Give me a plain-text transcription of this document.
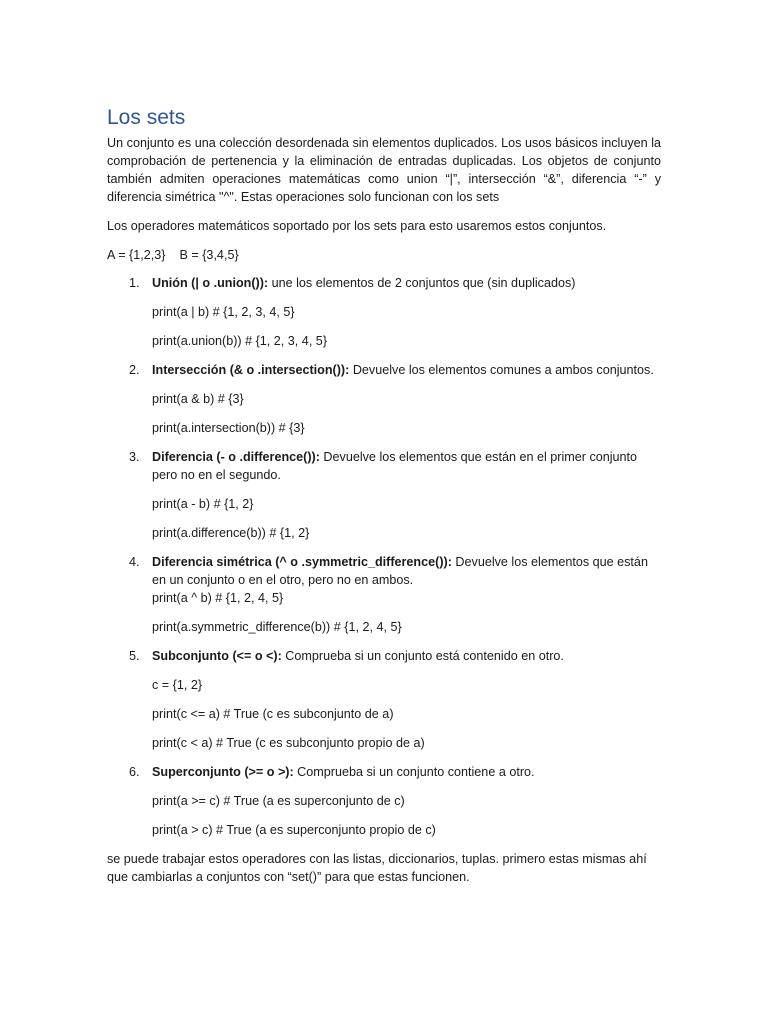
Los sets

Un conjunto es una colección desordenada sin elementos duplicados. Los usos básicos incluyen la comprobación de pertenencia y la eliminación de entradas duplicadas. Los objetos de conjunto también admiten operaciones matemáticas como union “|”, intersección “&”, diferencia “-” y diferencia simétrica "^". Estas operaciones solo funcionan con los sets

Los operadores matemáticos soportado por los sets para esto usaremos estos conjuntos.

A = {1,2,3}    B = {3,4,5}

1. Unión (| o .union()): une los elementos de 2 conjuntos que (sin duplicados)

print(a | b) # {1, 2, 3, 4, 5}

print(a.union(b)) # {1, 2, 3, 4, 5}

2. Intersección (& o .intersection()): Devuelve los elementos comunes a ambos conjuntos.

print(a & b) # {3}

print(a.intersection(b)) # {3}

3. Diferencia (- o .difference()): Devuelve los elementos que están en el primer conjunto pero no en el segundo.

print(a - b) # {1, 2}

print(a.difference(b)) # {1, 2}

4. Diferencia simétrica (^ o .symmetric_difference()): Devuelve los elementos que están en un conjunto o en el otro, pero no en ambos.

print(a ^ b) # {1, 2, 4, 5}

print(a.symmetric_difference(b)) # {1, 2, 4, 5}

5. Subconjunto (<= o <): Comprueba si un conjunto está contenido en otro.

c = {1, 2}

print(c <= a) # True (c es subconjunto de a)

print(c < a) # True (c es subconjunto propio de a)

6. Superconjunto (>= o >): Comprueba si un conjunto contiene a otro.

print(a >= c) # True (a es superconjunto de c)

print(a > c) # True (a es superconjunto propio de c)

se puede trabajar estos operadores con las listas, diccionarios, tuplas. primero estas mismas ahí que cambiarlas a conjuntos con “set()” para que estas funcionen.
